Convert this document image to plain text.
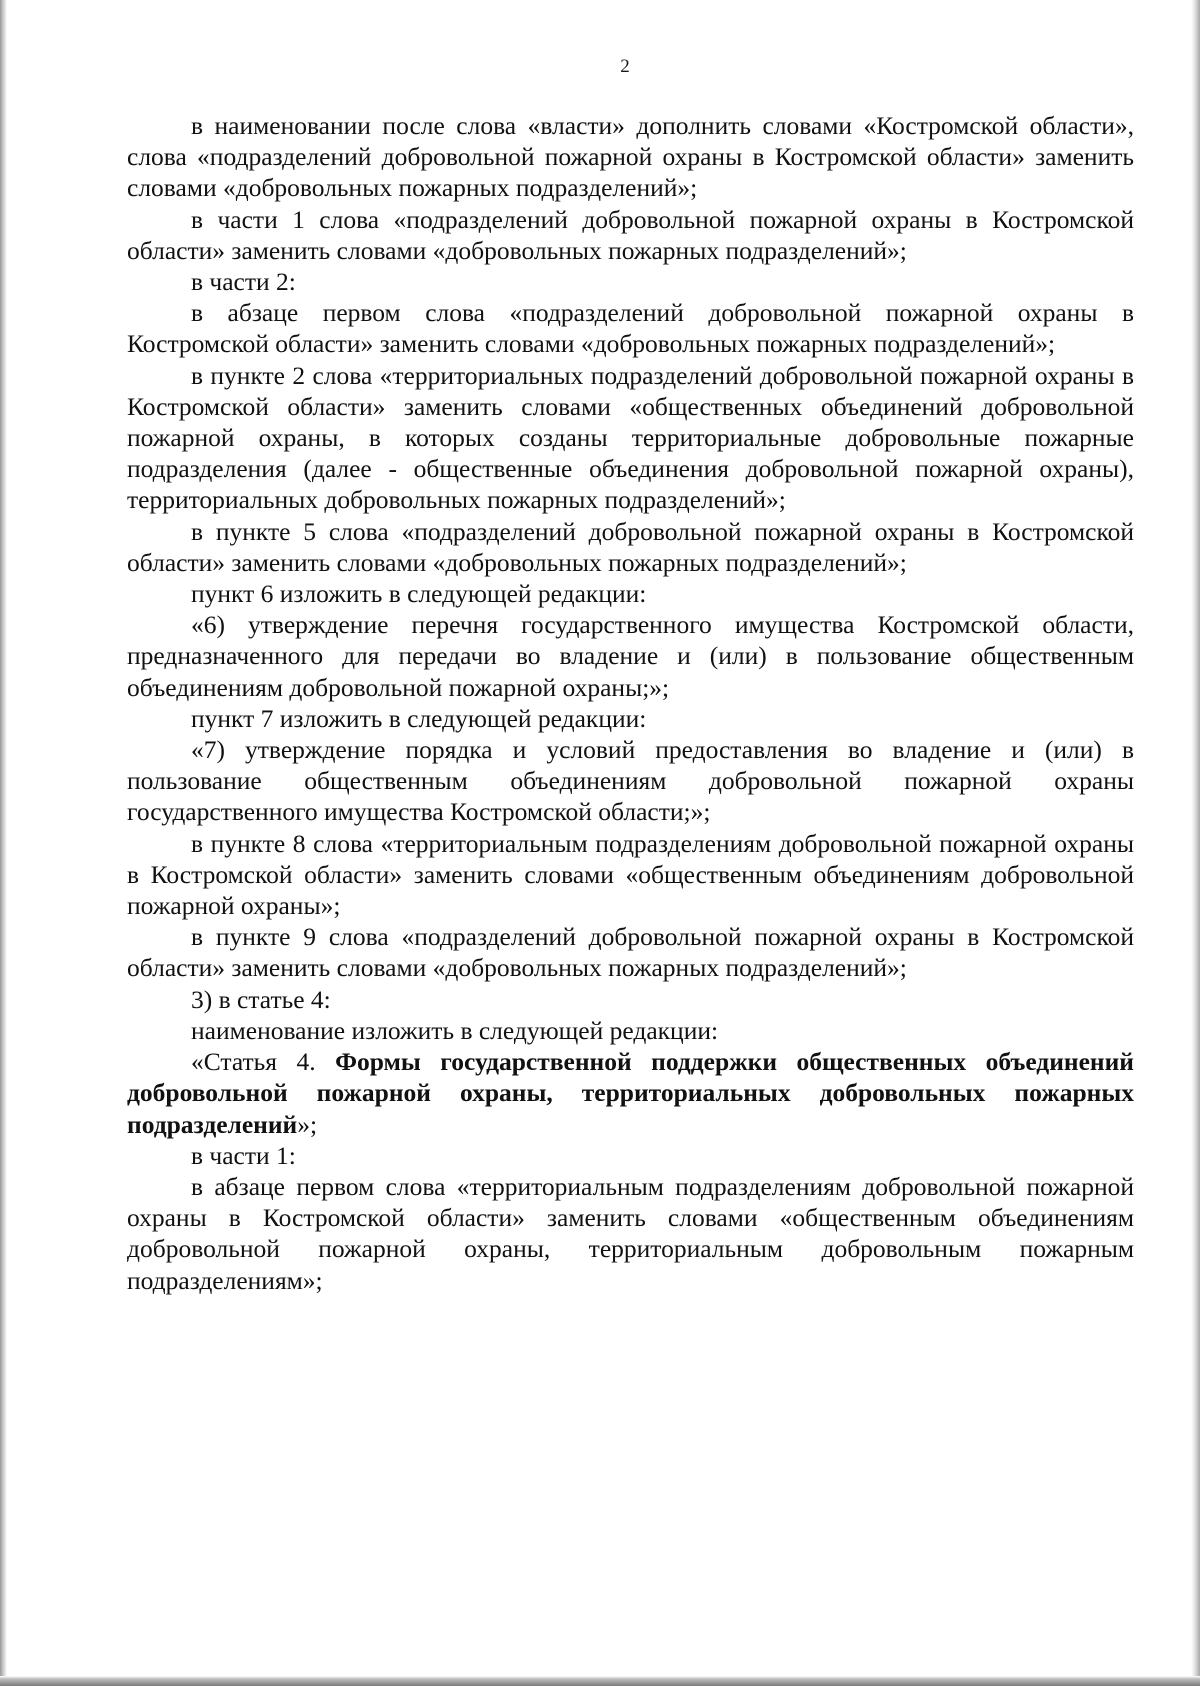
2

в наименовании после слова «власти» дополнить словами «Костромской области», слова «подразделений добровольной пожарной охраны в Костромской области» заменить словами «добровольных пожарных подразделений»;

в части 1 слова «подразделений добровольной пожарной охраны в Костромской области» заменить словами «добровольных пожарных подразделений»;

в части 2:

в абзаце первом слова «подразделений добровольной пожарной охраны в Костромской области» заменить словами «добровольных пожарных подразделений»;

в пункте 2 слова «территориальных подразделений добровольной пожарной охраны в Костромской области» заменить словами «общественных объединений добровольной пожарной охраны, в которых созданы территориальные добровольные пожарные подразделения (далее - общественные объединения добровольной пожарной охраны), территориальных добровольных пожарных подразделений»;

в пункте 5 слова «подразделений добровольной пожарной охраны в Костромской области» заменить словами «добровольных пожарных подразделений»;

пункт 6 изложить в следующей редакции:

«6) утверждение перечня государственного имущества Костромской области, предназначенного для передачи во владение и (или) в пользование общественным объединениям добровольной пожарной охраны;»;

пункт 7 изложить в следующей редакции:

«7) утверждение порядка и условий предоставления во владение и (или) в пользование общественным объединениям добровольной пожарной охраны государственного имущества Костромской области;»;

в пункте 8 слова «территориальным подразделениям добровольной пожарной охраны в Костромской области» заменить словами «общественным объединениям добровольной пожарной охраны»;

в пункте 9 слова «подразделений добровольной пожарной охраны в Костромской области» заменить словами «добровольных пожарных подразделений»;

3) в статье 4:

наименование изложить в следующей редакции:

«Статья 4. Формы государственной поддержки общественных объединений добровольной пожарной охраны, территориальных добровольных пожарных подразделений»;

в части 1:

в абзаце первом слова «территориальным подразделениям добровольной пожарной охраны в Костромской области» заменить словами «общественным объединениям добровольной пожарной охраны, территориальным добровольным пожарным подразделениям»;
